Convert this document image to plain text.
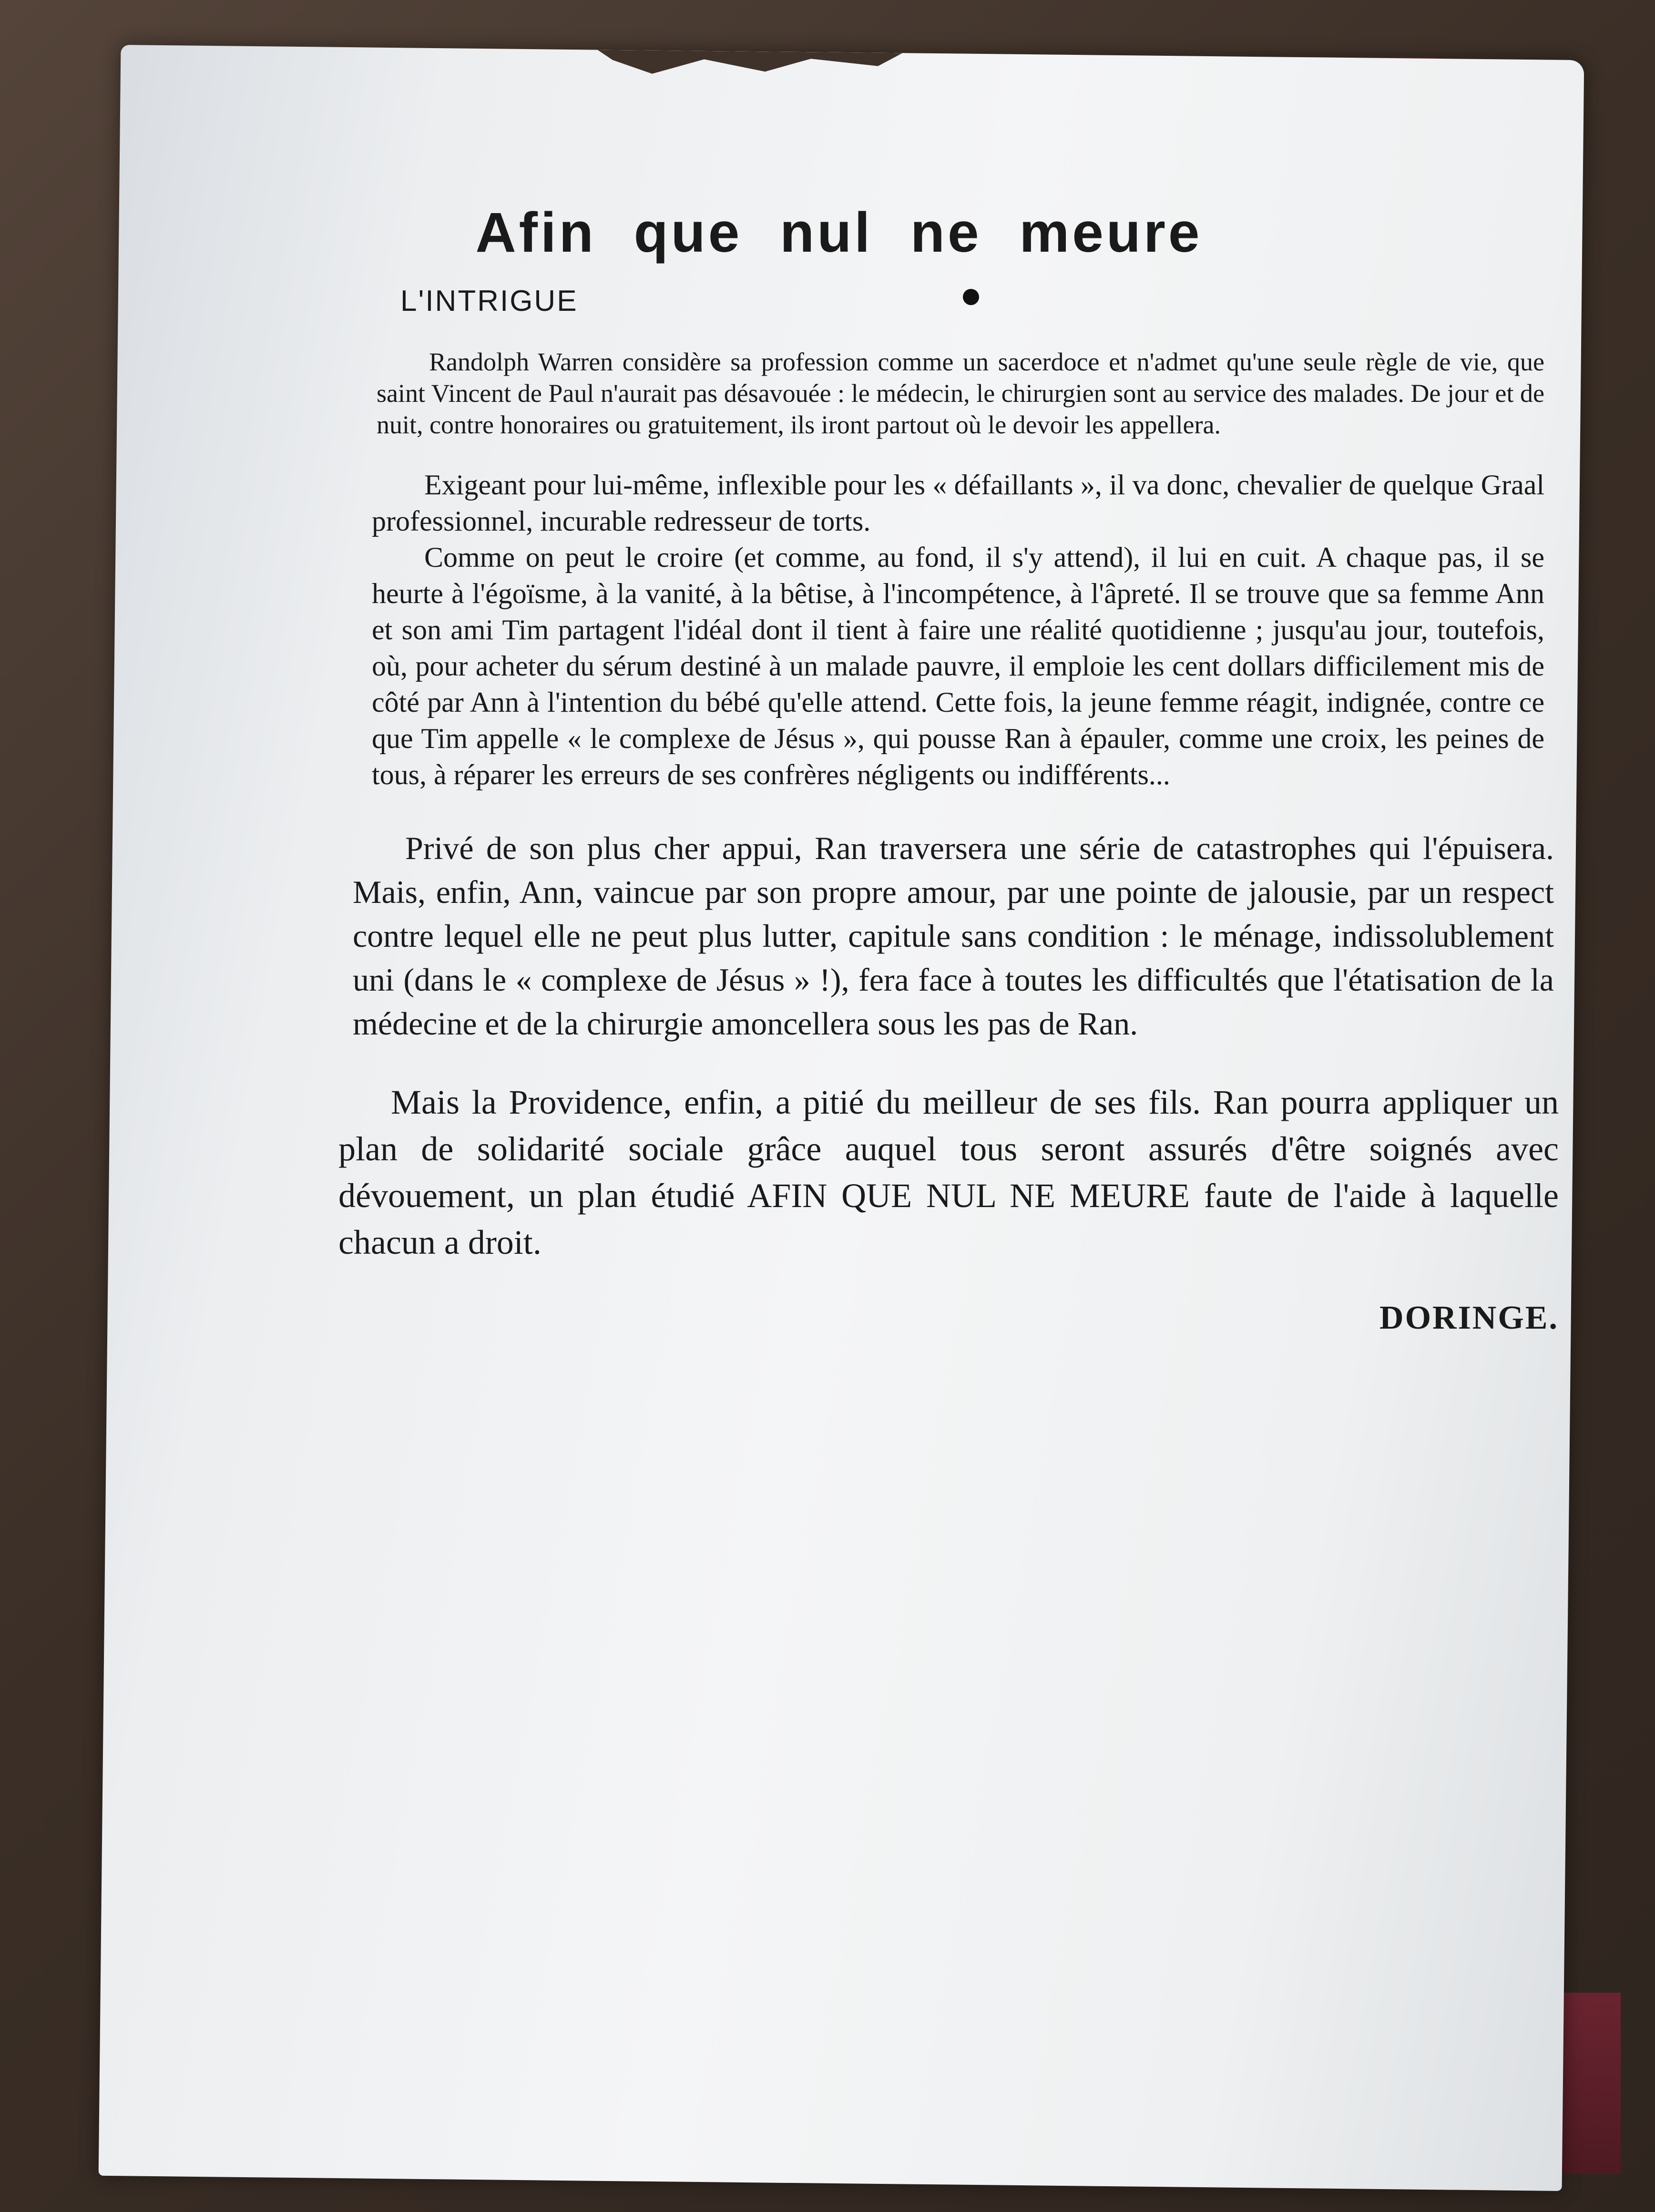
Afin que nul ne meure
L'INTRIGUE

Randolph Warren considère sa profession comme un sacerdoce et n'admet qu'une seule règle de vie, que saint Vincent de Paul n'aurait pas désavouée : le médecin, le chirurgien sont au service des malades. De jour et de nuit, contre honoraires ou gratuitement, ils iront partout où le devoir les appellera.

Exigeant pour lui-même, inflexible pour les « défaillants », il va donc, chevalier de quelque Graal professionnel, incurable redresseur de torts.

Comme on peut le croire (et comme, au fond, il s'y attend), il lui en cuit. A chaque pas, il se heurte à l'égoïsme, à la vanité, à la bêtise, à l'incompétence, à l'âpreté. Il se trouve que sa femme Ann et son ami Tim partagent l'idéal dont il tient à faire une réalité quotidienne ; jusqu'au jour, toutefois, où, pour acheter du sérum destiné à un malade pauvre, il emploie les cent dollars difficilement mis de côté par Ann à l'intention du bébé qu'elle attend. Cette fois, la jeune femme réagit, indignée, contre ce que Tim appelle « le complexe de Jésus », qui pousse Ran à épauler, comme une croix, les peines de tous, à réparer les erreurs de ses confrères négligents ou indifférents...

Privé de son plus cher appui, Ran traversera une série de catastrophes qui l'épuisera. Mais, enfin, Ann, vaincue par son propre amour, par une pointe de jalousie, par un respect contre lequel elle ne peut plus lutter, capitule sans condition : le ménage, indissolublement uni (dans le « complexe de Jésus » !), fera face à toutes les difficultés que l'étatisation de la médecine et de la chirurgie amoncellera sous les pas de Ran.

Mais la Providence, enfin, a pitié du meilleur de ses fils. Ran pourra appliquer un plan de solidarité sociale grâce auquel tous seront assurés d'être soignés avec dévouement, un plan étudié AFIN QUE NUL NE MEURE faute de l'aide à laquelle chacun a droit.

DORINGE.
